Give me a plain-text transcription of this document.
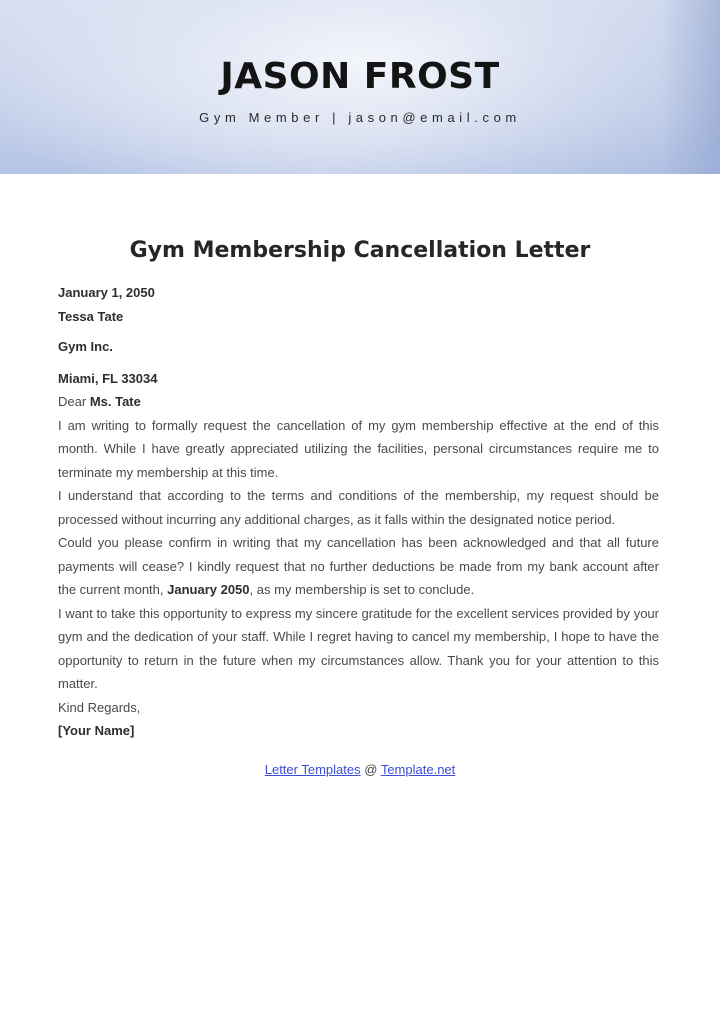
JASON FROST
Gym Member | jason@email.com
Gym Membership Cancellation Letter
January 1, 2050
Tessa Tate
Gym Inc.
Miami, FL 33034
Dear Ms. Tate

I am writing to formally request the cancellation of my gym membership effective at the end of this month. While I have greatly appreciated utilizing the facilities, personal circumstances require me to terminate my membership at this time.

I understand that according to the terms and conditions of the membership, my request should be processed without incurring any additional charges, as it falls within the designated notice period.

Could you please confirm in writing that my cancellation has been acknowledged and that all future payments will cease? I kindly request that no further deductions be made from my bank account after the current month, January 2050, as my membership is set to conclude.

I want to take this opportunity to express my sincere gratitude for the excellent services provided by your gym and the dedication of your staff. While I regret having to cancel my membership, I hope to have the opportunity to return in the future when my circumstances allow. Thank you for your attention to this matter.

Kind Regards,
[Your Name]
Letter Templates @ Template.net
